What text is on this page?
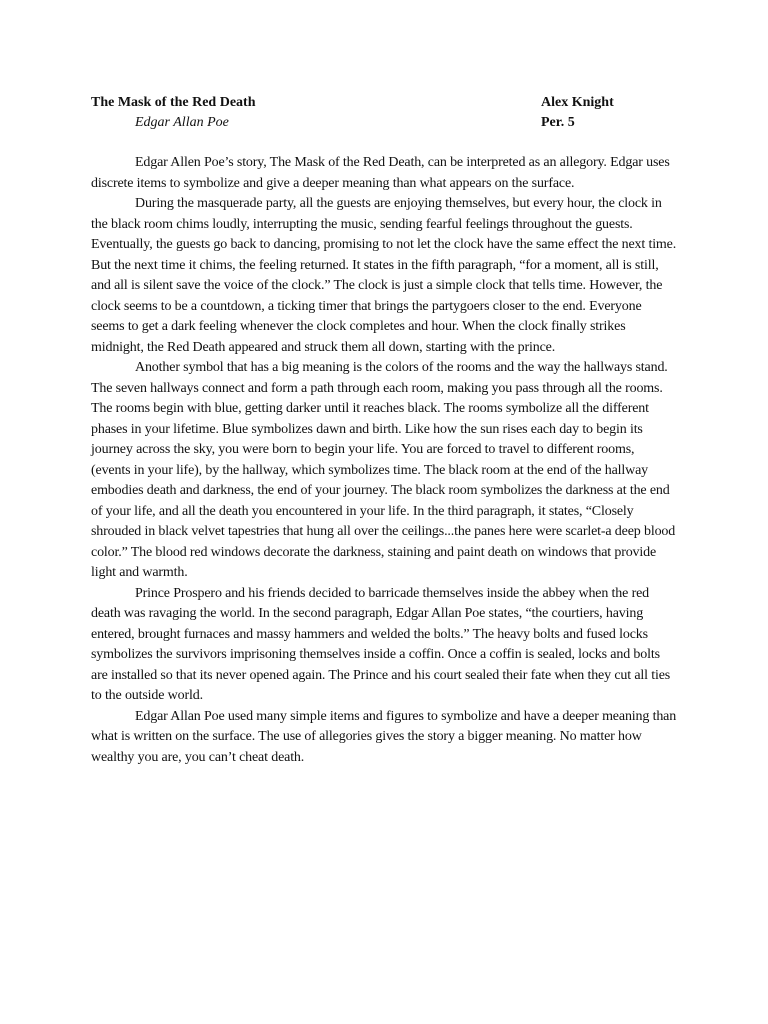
The Mask of the Red Death	Alex Knight
Edgar Allan Poe	Per. 5

Edgar Allen Poe’s story, The Mask of the Red Death, can be interpreted as an allegory. Edgar uses discrete items to symbolize and give a deeper meaning than what appears on the surface.

During the masquerade party, all the guests are enjoying themselves, but every hour, the clock in the black room chims loudly, interrupting the music, sending fearful feelings throughout the guests. Eventually, the guests go back to dancing, promising to not let the clock have the same effect the next time. But the next time it chims, the feeling returned. It states in the fifth paragraph, “for a moment, all is still, and all is silent save the voice of the clock.” The clock is just a simple clock that tells time. However, the clock seems to be a countdown, a ticking timer that brings the partygoers closer to the end. Everyone seems to get a dark feeling whenever the clock completes and hour. When the clock finally strikes midnight, the Red Death appeared and struck them all down, starting with the prince.

Another symbol that has a big meaning is the colors of the rooms and the way the hallways stand. The seven hallways connect and form a path through each room, making you pass through all the rooms. The rooms begin with blue, getting darker until it reaches black. The rooms symbolize all the different phases in your lifetime. Blue symbolizes dawn and birth. Like how the sun rises each day to begin its journey across the sky, you were born to begin your life. You are forced to travel to different rooms, (events in your life), by the hallway, which symbolizes time. The black room at the end of the hallway embodies death and darkness, the end of your journey. The black room symbolizes the darkness at the end of your life, and all the death you encountered in your life. In the third paragraph, it states, “Closely shrouded in black velvet tapestries that hung all over the ceilings...the panes here were scarlet-a deep blood color.” The blood red windows decorate the darkness, staining and paint death on windows that provide light and warmth.

Prince Prospero and his friends decided to barricade themselves inside the abbey when the red death was ravaging the world. In the second paragraph, Edgar Allan Poe states, “the courtiers, having entered, brought furnaces and massy hammers and welded the bolts.” The heavy bolts and fused locks symbolizes the survivors imprisoning themselves inside a coffin. Once a coffin is sealed, locks and bolts are installed so that its never opened again. The Prince and his court sealed their fate when they cut all ties to the outside world.

Edgar Allan Poe used many simple items and figures to symbolize and have a deeper meaning than what is written on the surface. The use of allegories gives the story a bigger meaning. No matter how wealthy you are, you can’t cheat death.
